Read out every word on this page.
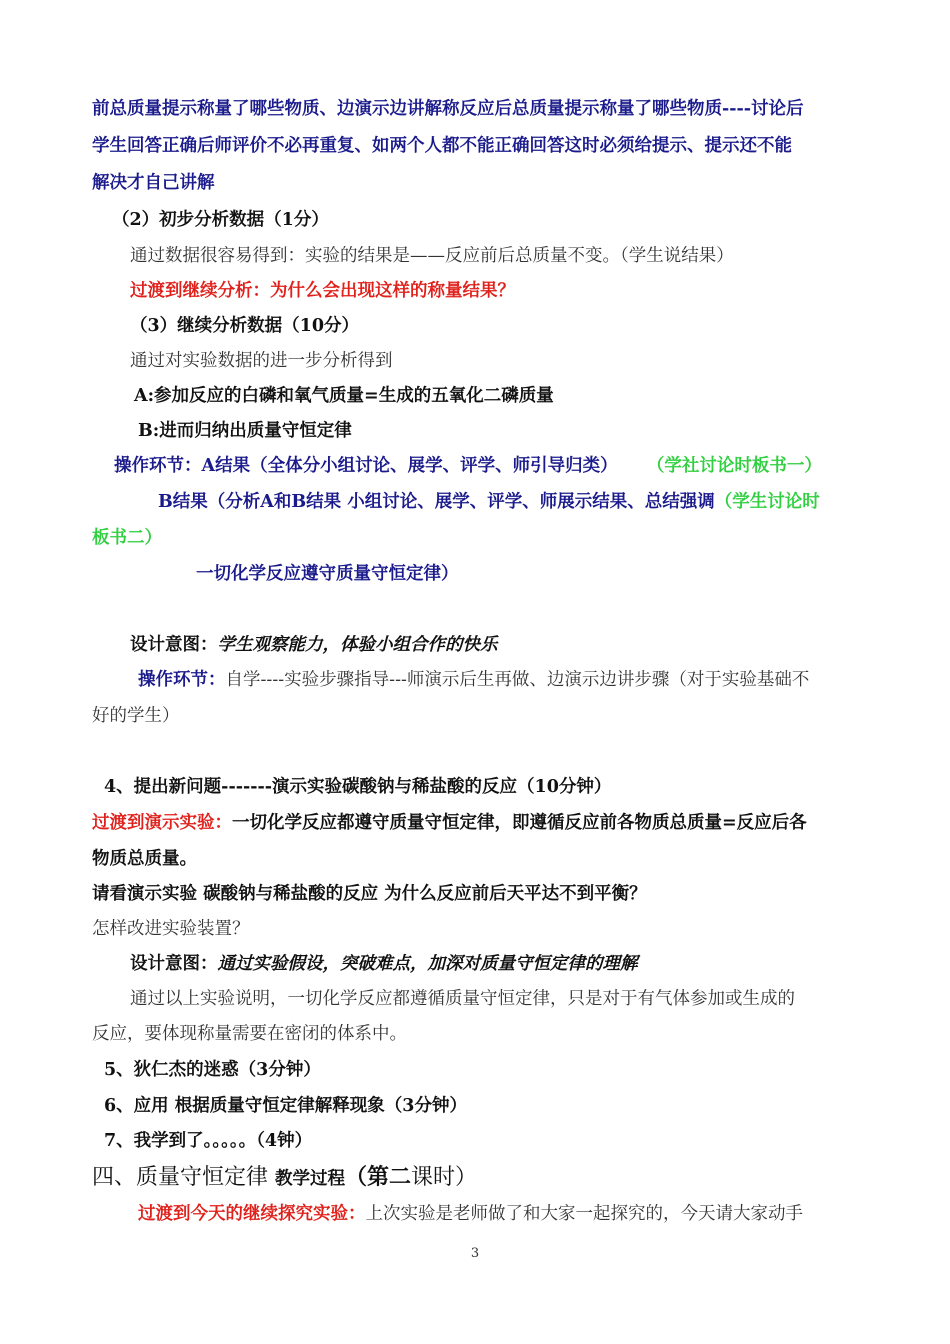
前总质量提示称量了哪些物质、边演示边讲解称反应后总质量提示称量了哪些物质----讨论后
学生回答正确后师评价不必再重复、如两个人都不能正确回答这时必须给提示、提示还不能
解决才自己讲解
（2）初步分析数据（1分）
通过数据很容易得到：实验的结果是——反应前后总质量不变。（学生说结果）
过渡到继续分析：为什么会出现这样的称量结果？
（3）继续分析数据（10分）
通过对实验数据的进一步分析得到
A:参加反应的白磷和氧气质量=生成的五氧化二磷质量
B:进而归纳出质量守恒定律
操作环节：A结果（全体分小组讨论、展学、评学、师引导归类） （学社讨论时板书一）
B结果（分析A和B结果 小组讨论、展学、评学、师展示结果、总结强调（学生讨论时
板书二）
一切化学反应遵守质量守恒定律）
设计意图：学生观察能力，体验小组合作的快乐
操作环节：自学----实验步骤指导---师演示后生再做、边演示边讲步骤（对于实验基础不
好的学生）
4、提出新问题-------演示实验碳酸钠与稀盐酸的反应（10分钟）
过渡到演示实验：一切化学反应都遵守质量守恒定律，即遵循反应前各物质总质量=反应后各
物质总质量。
请看演示实验 碳酸钠与稀盐酸的反应 为什么反应前后天平达不到平衡？
怎样改进实验装置？
设计意图：通过实验假设，突破难点，加深对质量守恒定律的理解
通过以上实验说明，一切化学反应都遵循质量守恒定律，只是对于有气体参加或生成的
反应，要体现称量需要在密闭的体系中。
5、狄仁杰的迷惑（3分钟）
6、应用 根据质量守恒定律解释现象（3分钟）
7、我学到了。。。。。（4钟）
四、质量守恒定律 教学过程（第二课时）
过渡到今天的继续探究实验：上次实验是老师做了和大家一起探究的，今天请大家动手
3
